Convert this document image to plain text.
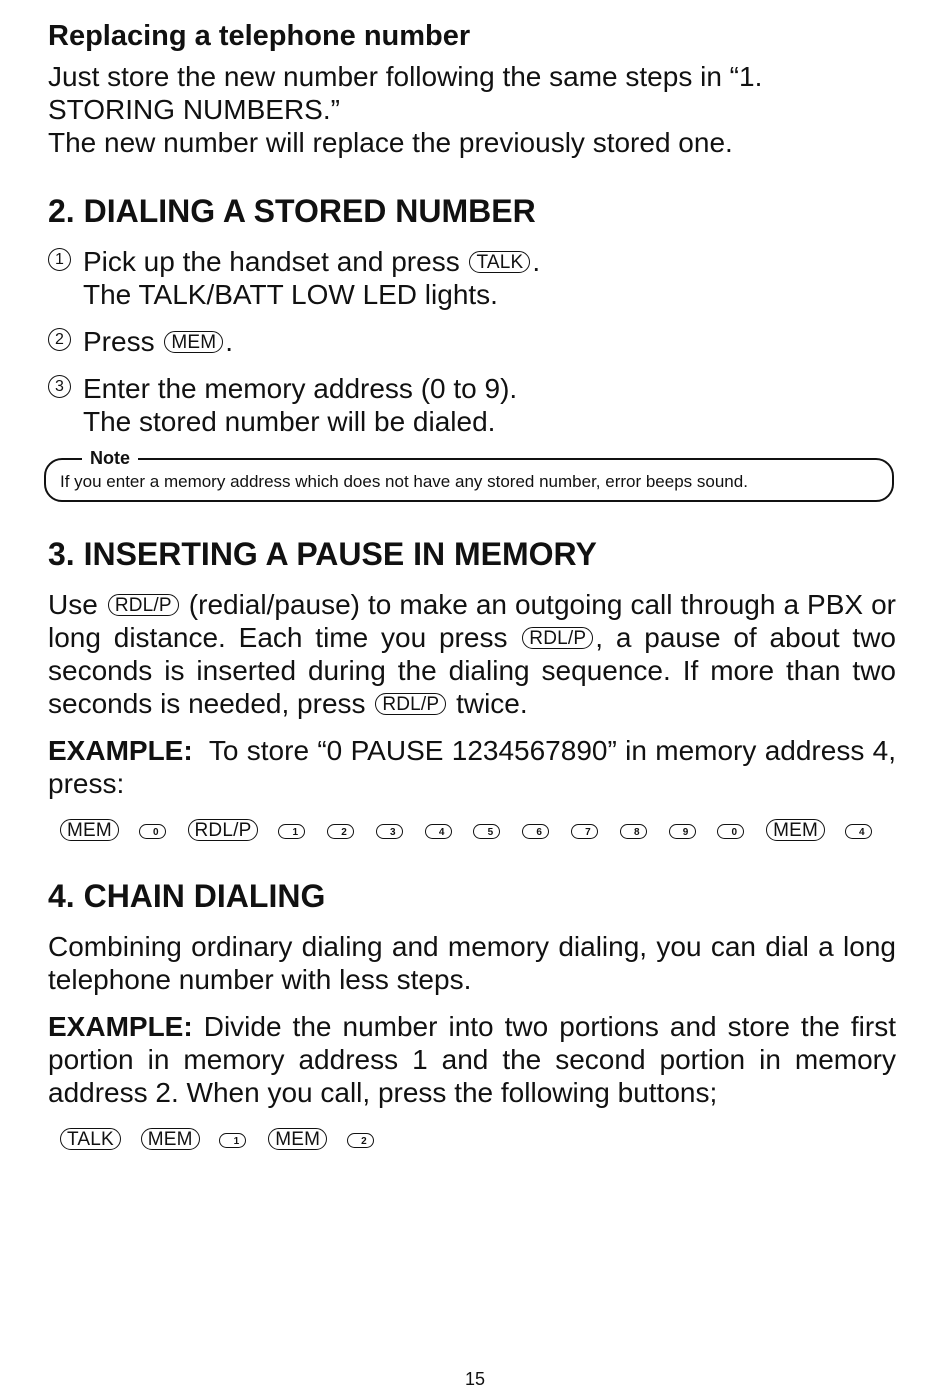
Replacing a telephone number

Just store the new number following the same steps in “1. STORING NUMBERS.”

The new number will replace the previously stored one.

2. DIALING A STORED NUMBER
1 Pick up the handset and press TALK .
The TALK/BATT LOW LED lights.
2 Press MEM .
3 Enter the memory address (0 to 9).
The stored number will be dialed.
Note
If you enter a memory address which does not have any stored number, error beeps sound.
3. INSERTING A PAUSE IN MEMORY

Use RDL/P (redial/pause) to make an outgoing call through a PBX or long distance. Each time you press RDL/P , a pause of about two seconds is inserted during the dialing sequence. If more than two seconds is needed, press RDL/P twice.

EXAMPLE: To store “0 PAUSE 1234567890” in memory address 4, press:

MEM	0 RDL/P	1	2	3	4	5	6	7	8	9	0 MEM	4
4. CHAIN DIALING

Combining ordinary dialing and memory dialing, you can dial a long telephone number with less steps.

EXAMPLE: Divide the number into two portions and store the first portion in memory address 1 and the second portion in memory address 2. When you call, press the following buttons;

TALK MEM	1 MEM	2
15
